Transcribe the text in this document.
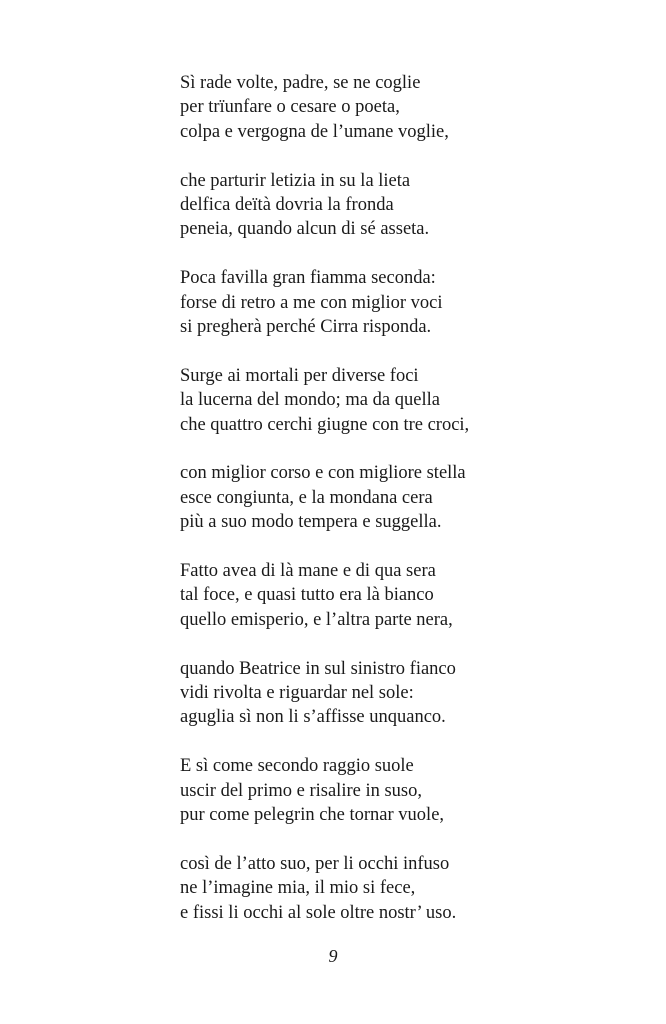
Sì rade volte, padre, se ne coglie
per trïunfare o cesare o poeta,
colpa e vergogna de l’umane voglie,
che parturir letizia in su la lieta
delfica deïtà dovria la fronda
peneia, quando alcun di sé asseta.
Poca favilla gran fiamma seconda:
forse di retro a me con miglior voci
si pregherà perché Cirra risponda.
Surge ai mortali per diverse foci
la lucerna del mondo; ma da quella
che quattro cerchi giugne con tre croci,
con miglior corso e con migliore stella
esce congiunta, e la mondana cera
più a suo modo tempera e suggella.
Fatto avea di là mane e di qua sera
tal foce, e quasi tutto era là bianco
quello emisperio, e l’altra parte nera,
quando Beatrice in sul sinistro fianco
vidi rivolta e riguardar nel sole:
aguglia sì non li s’affisse unquanco.
E sì come secondo raggio suole
uscir del primo e risalire in suso,
pur come pelegrin che tornar vuole,
così de l’atto suo, per li occhi infuso
ne l’imagine mia, il mio si fece,
e fissi li occhi al sole oltre nostr’ uso.
9
